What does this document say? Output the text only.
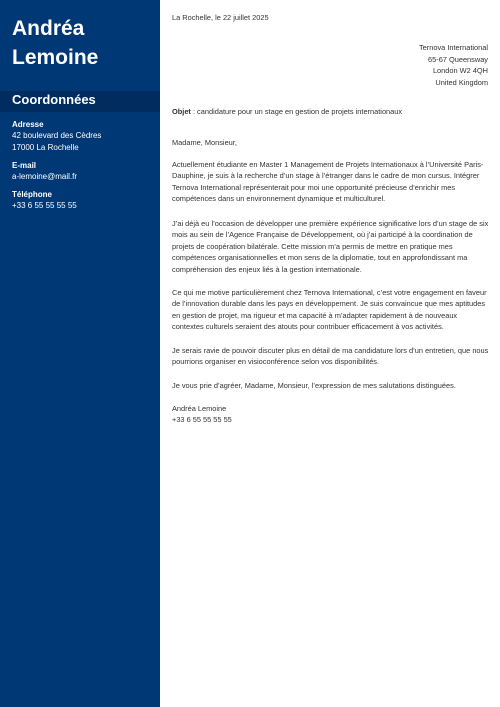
Andréa
Lemoine
Coordonnées
Adresse
42 boulevard des Cèdres
17000 La Rochelle
E-mail
a-lemoine@mail.fr
Téléphone
+33 6 55 55 55 55
La Rochelle, le 22 juillet 2025
Ternova International
65-67 Queensway
London W2 4QH
United Kingdom
Objet : candidature pour un stage en gestion de projets internationaux

Madame, Monsieur,

Actuellement étudiante en Master 1 Management de Projets Internationaux à l’Université Paris-Dauphine, je suis à la recherche d’un stage à l’étranger dans le cadre de mon cursus. Intégrer Ternova International représenterait pour moi une opportunité précieuse d’enrichir mes compétences dans un environnement dynamique et multiculturel.

J’ai déjà eu l’occasion de développer une première expérience significative lors d’un stage de six mois au sein de l’Agence Française de Développement, où j’ai participé à la coordination de projets de coopération bilatérale. Cette mission m’a permis de mettre en pratique mes compétences organisationnelles et mon sens de la diplomatie, tout en approfondissant ma compréhension des enjeux liés à la gestion internationale.

Ce qui me motive particulièrement chez Ternova International, c’est votre engagement en faveur de l’innovation durable dans les pays en développement. Je suis convaincue que mes aptitudes en gestion de projet, ma rigueur et ma capacité à m’adapter rapidement à de nouveaux contextes culturels seraient des atouts pour contribuer efficacement à vos activités.

Je serais ravie de pouvoir discuter plus en détail de ma candidature lors d’un entretien, que nous pourrions organiser en visioconférence selon vos disponibilités.

Je vous prie d’agréer, Madame, Monsieur, l’expression de mes salutations distinguées.

Andréa Lemoine
+33 6 55 55 55 55
